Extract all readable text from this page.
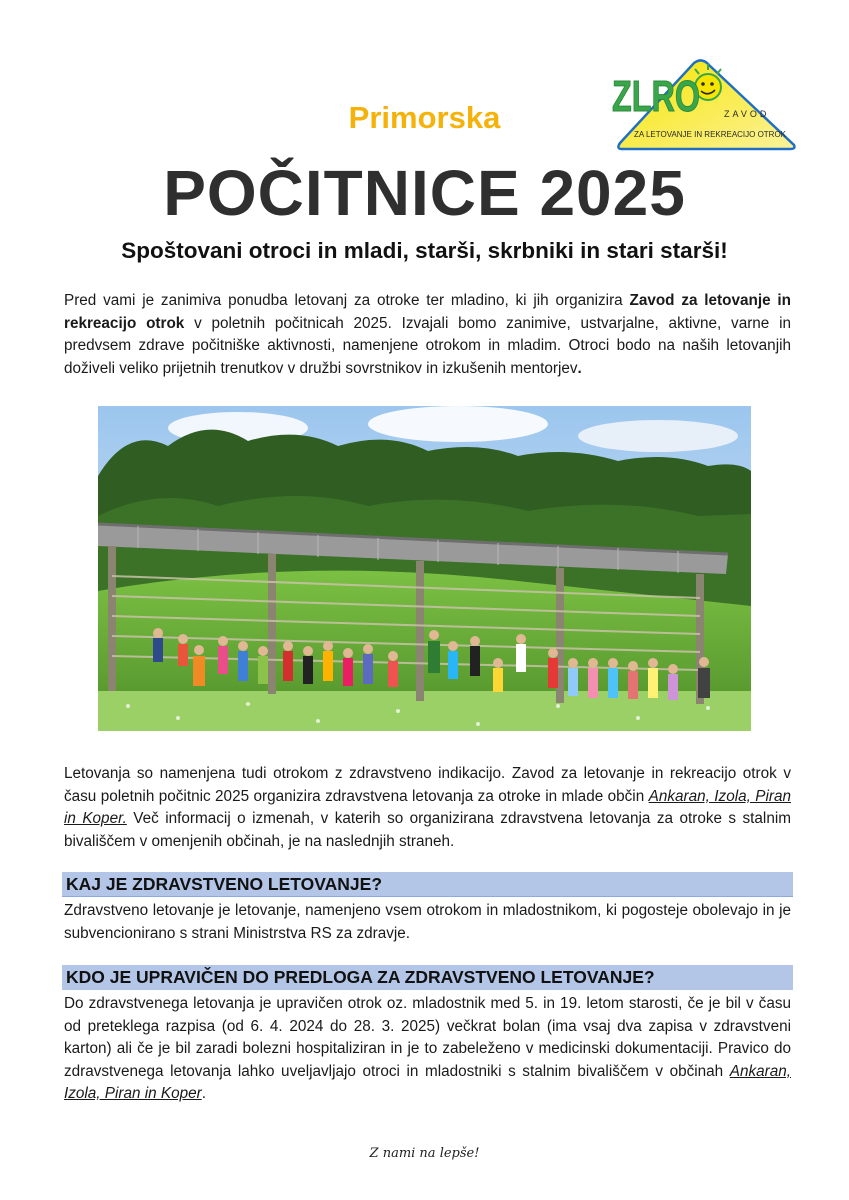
ZLRO	ZAVOD
ZA LETOVANJE IN REKREACIJO OTROK
Primorska
POČITNICE 2025
Spoštovani otroci in mladi, starši, skrbniki in stari starši!
Pred vami je zanimiva ponudba letovanj za otroke ter mladino, ki jih organizira Zavod za letovanje in rekreacijo otrok v poletnih počitnicah 2025. Izvajali bomo zanimive, ustvarjalne, aktivne, varne in predvsem zdrave počitniške aktivnosti, namenjene otrokom in mladim. Otroci bodo na naših letovanjih doživeli veliko prijetnih trenutkov v družbi sovrstnikov in izkušenih mentorjev.
Letovanja so namenjena tudi otrokom z zdravstveno indikacijo. Zavod za letovanje in rekreacijo otrok v času poletnih počitnic 2025 organizira zdravstvena letovanja za otroke in mlade občin Ankaran, Izola, Piran in Koper. Več informacij o izmenah, v katerih so organizirana zdravstvena letovanja za otroke s stalnim bivališčem v omenjenih občinah, je na naslednjih straneh.
KAJ JE ZDRAVSTVENO LETOVANJE?
Zdravstveno letovanje je letovanje, namenjeno vsem otrokom in mladostnikom, ki pogosteje obolevajo in je subvencionirano s strani Ministrstva RS za zdravje.
KDO JE UPRAVIČEN DO PREDLOGA ZA ZDRAVSTVENO LETOVANJE?
Do zdravstvenega letovanja je upravičen otrok oz. mladostnik med 5. in 19. letom starosti, če je bil v času od preteklega razpisa (od 6. 4. 2024 do 28. 3. 2025) večkrat bolan (ima vsaj dva zapisa v zdravstveni karton) ali če je bil zaradi bolezni hospitaliziran in je to zabeleženo v medicinski dokumentaciji. Pravico do zdravstvenega letovanja lahko uveljavljajo otroci in mladostniki s stalnim bivališčem v občinah Ankaran, Izola, Piran in Koper.
Z nami na lepše!
